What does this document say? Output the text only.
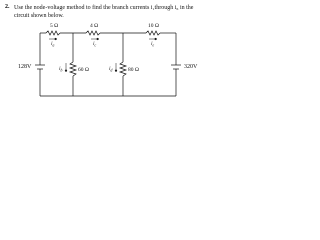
2. Use the node-voltage method to find the branch currents i₁through i₆ in the circuit shown below.
5 Ω	4 Ω	10 Ω
60 Ω	80 Ω
128V	320V
$i_a$	$i_c$	$i_e$
$i_b$	$i_d$
